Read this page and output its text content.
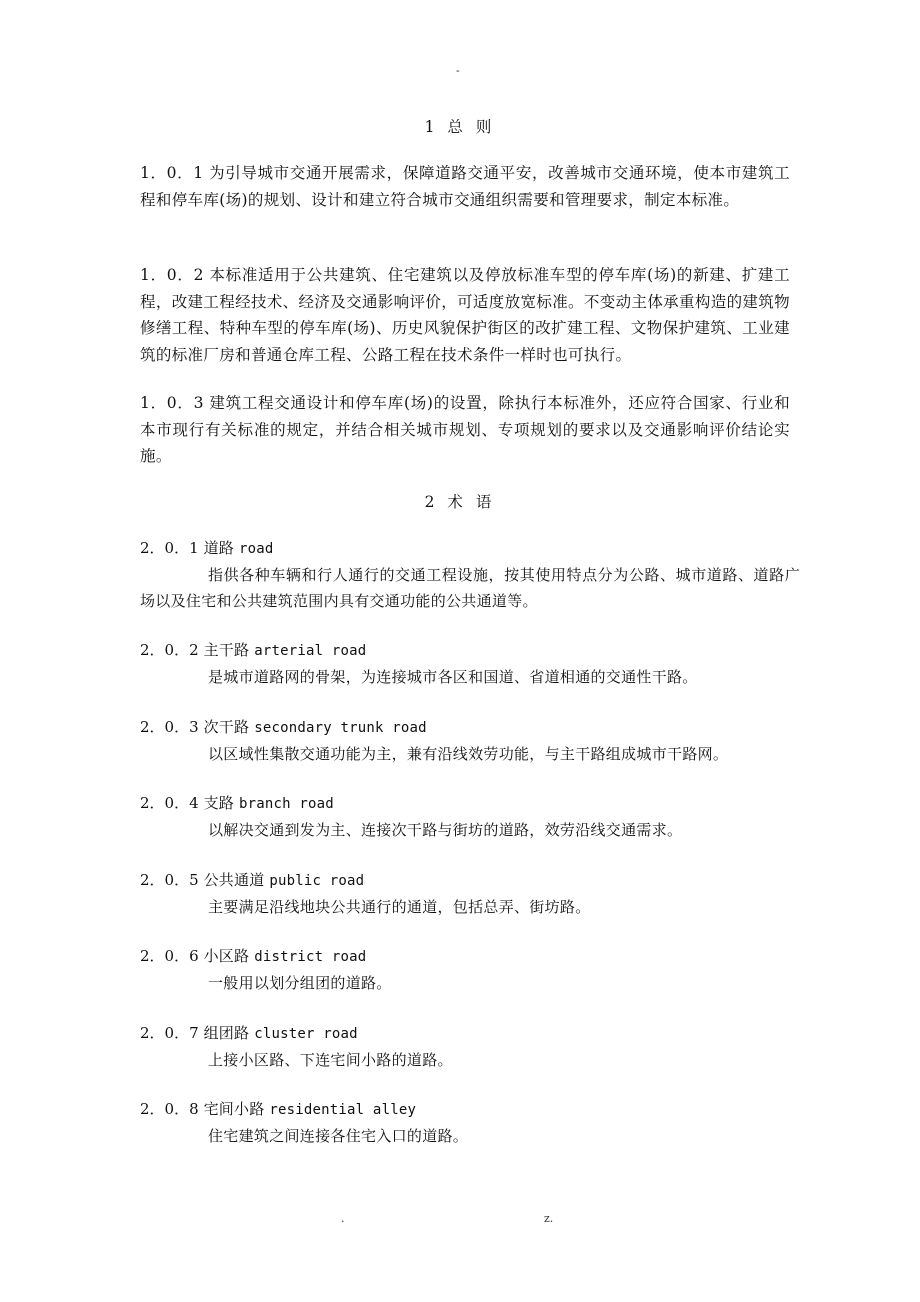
-
1 总 则

1．0．1 为引导城市交通开展需求，保障道路交通平安，改善城市交通环境，使本市建筑工程和停车库(场)的规划、设计和建立符合城市交通组织需要和管理要求，制定本标准。

1．0．2 本标准适用于公共建筑、住宅建筑以及停放标准车型的停车库(场)的新建、扩建工程，改建工程经技术、经济及交通影响评价，可适度放宽标准。不变动主体承重构造的建筑物修缮工程、特种车型的停车库(场)、历史风貌保护街区的改扩建工程、文物保护建筑、工业建筑的标准厂房和普通仓库工程、公路工程在技术条件一样时也可执行。

1．0．3 建筑工程交通设计和停车库(场)的设置，除执行本标准外，还应符合国家、行业和本市现行有关标准的规定，并结合相关城市规划、专项规划的要求以及交通影响评价结论实施。

2 术 语
2．0．1 道路 road
指供各种车辆和行人通行的交通工程设施，按其使用特点分为公路、城市道路、道路广场以及住宅和公共建筑范围内具有交通功能的公共通道等。
2．0．2 主干路 arterial road
是城市道路网的骨架，为连接城市各区和国道、省道相通的交通性干路。
2．0．3 次干路 secondary trunk road
以区域性集散交通功能为主，兼有沿线效劳功能，与主干路组成城市干路网。
2．0．4 支路 branch road
以解决交通到发为主、连接次干路与街坊的道路，效劳沿线交通需求。
2．0．5 公共通道 public road
主要满足沿线地块公共通行的通道，包括总弄、街坊路。
2．0．6 小区路 district road
一般用以划分组团的道路。
2．0．7 组团路 cluster road
上接小区路、下连宅间小路的道路。
2．0．8 宅间小路 residential alley
住宅建筑之间连接各住宅入口的道路。
.	z.
